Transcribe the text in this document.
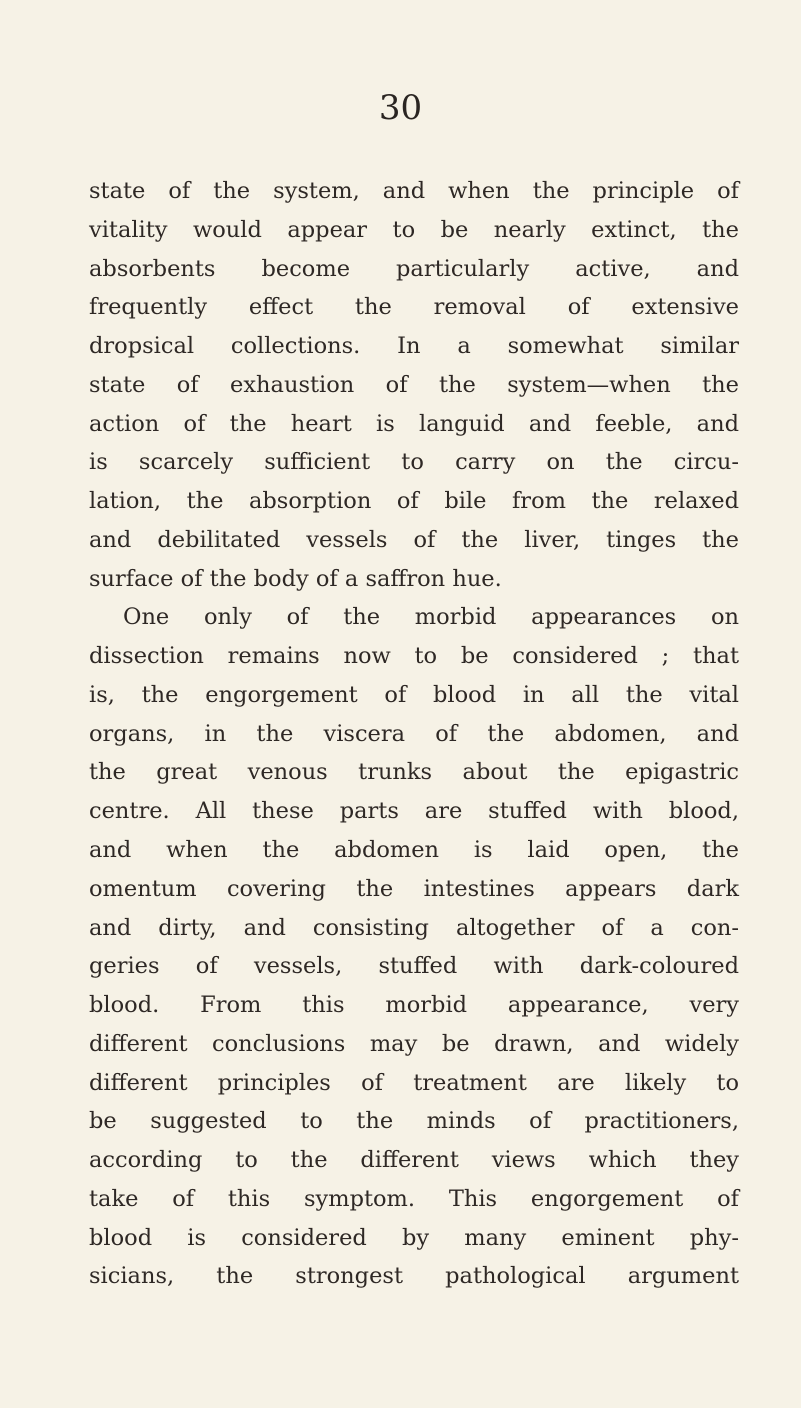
30
state of the system, and when the principle of
vitality would appear to be nearly extinct, the
absorbents become particularly active, and
frequently effect the removal of extensive
dropsical collections. In a somewhat similar
state of exhaustion of the system—when the
action of the heart is languid and feeble, and
is scarcely sufficient to carry on the circu-
lation, the absorption of bile from the relaxed
and debilitated vessels of the liver, tinges the
surface of the body of a saffron hue.
One only of the morbid appearances on
dissection remains now to be considered ; that
is, the engorgement of blood in all the vital
organs, in the viscera of the abdomen, and
the great venous trunks about the epigastric
centre. All these parts are stuffed with blood,
and when the abdomen is laid open, the
omentum covering the intestines appears dark
and dirty, and consisting altogether of a con-
geries of vessels, stuffed with dark-coloured
blood. From this morbid appearance, very
different conclusions may be drawn, and widely
different principles of treatment are likely to
be suggested to the minds of practitioners,
according to the different views which they
take of this symptom. This engorgement of
blood is considered by many eminent phy-
sicians, the strongest pathological argument
